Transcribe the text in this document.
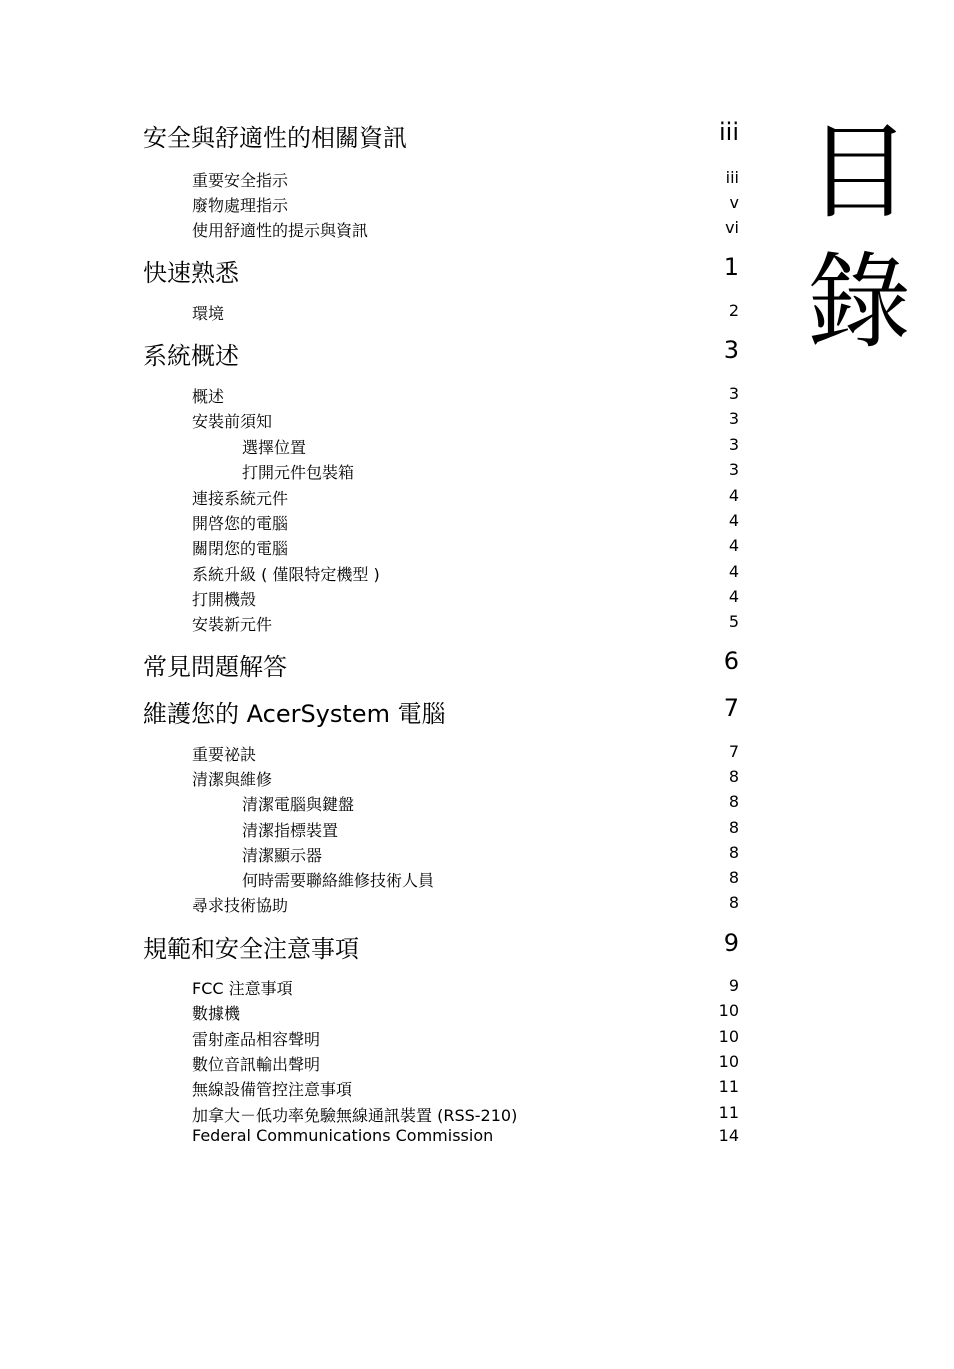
安全與舒適性的相關資訊	iii
重要安全指示	iii
廢物處理指示	v
使用舒適性的提示與資訊	vi
快速熟悉	1
環境	2
系統概述	3
概述	3
安裝前須知	3
選擇位置	3
打開元件包裝箱	3
連接系統元件	4
開啓您的電腦	4
關閉您的電腦	4
系統升級 ( 僅限特定機型 )	4
打開機殼	4
安裝新元件	5
常見問題解答	6
維護您的 AcerSystem 電腦	7
重要祕訣	7
清潔與維修	8
清潔電腦與鍵盤	8
清潔指標裝置	8
清潔顯示器	8
何時需要聯絡維修技術人員	8
尋求技術協助	8
規範和安全注意事項	9
FCC 注意事項	9
數據機	10
雷射產品相容聲明	10
數位音訊輸出聲明	10
無線設備管控注意事項	11
加拿大－低功率免驗無線通訊裝置 (RSS-210)	11
Federal Communications Commission	14
目
錄
